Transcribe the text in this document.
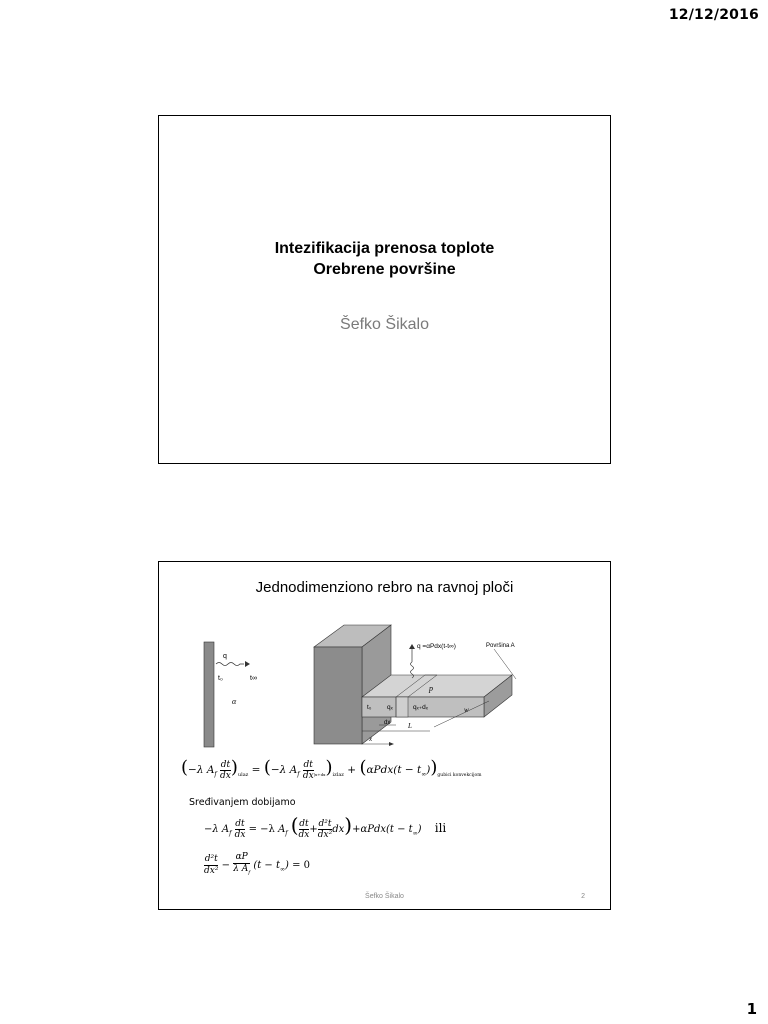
12/12/2016
Intezifikacija prenosa toplote
Orebrene površine
Šefko Šikalo
Jednodimenziono rebro na ravnoj ploči
q
t₀	t∞
α
q =αPdx(t-t∞)	Površina A
p
t₀ qₓ	qₓ₊dₓ
dx	L
x
w
(−λ $A_f \frac{dt}{dx} )_{ulaz} = (-\lambda$ $A_f \frac{dt}{dx} _{|x+dx})_{izlaz} + (\alpha Pdx(t - t_\infty))_{gubici konvekcijom}$
Sređivanjem dobijamo
−λ $A_f \frac{dt}{dx} = -\lambda$ $A_f$ ( $\frac{dt}{dx} + \frac{\text{d²t}}{\text{dx²}} dx)+\alpha Pdx(t - t_\infty)$ ili
$\frac{\text{d²t}}{\text{dx²}} - \frac{\alpha P}{\lambda A_f} (t - t_\infty) = 0$
Šefko Šikalo	2
1
